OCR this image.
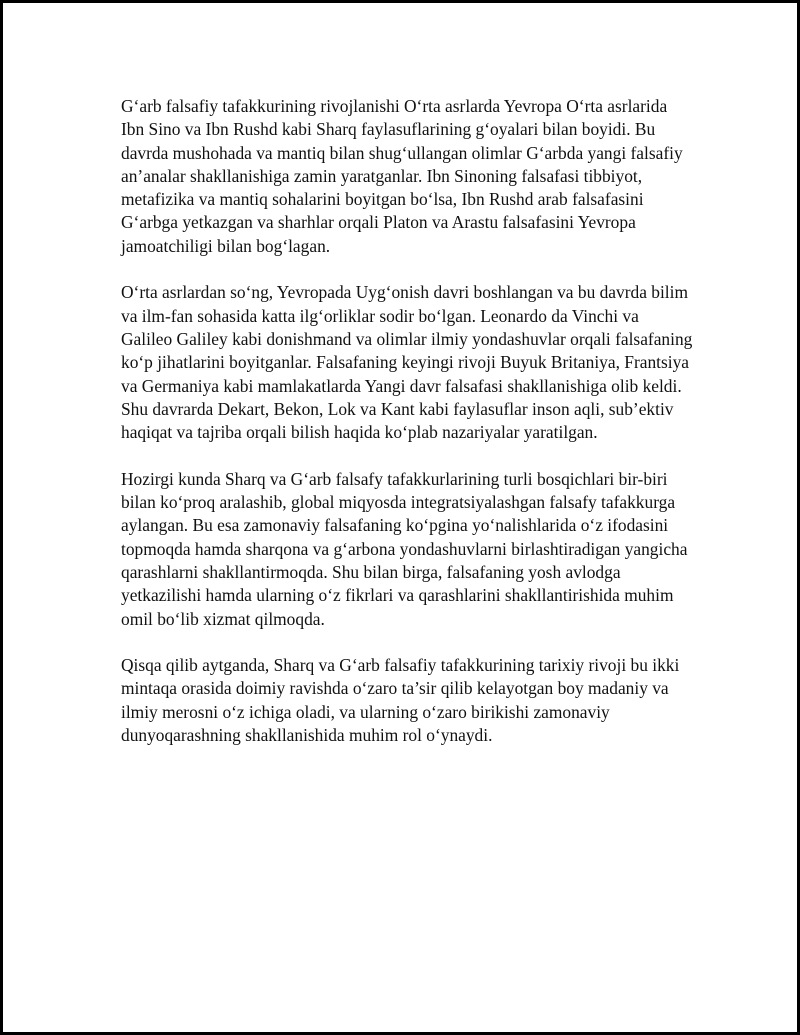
G‘arb falsafiy tafakkurining rivojlanishi O‘rta asrlarda Yevropa O‘rta asrlarida Ibn Sino va Ibn Rushd kabi Sharq faylasuflarining g‘oyalari bilan boyidi. Bu davrda mushohada va mantiq bilan shug‘ullangan olimlar G‘arbda yangi falsafiy an’analar shakllanishiga zamin yaratganlar. Ibn Sinoning falsafasi tibbiyot, metafizika va mantiq sohalarini boyitgan bo‘lsa, Ibn Rushd arab falsafasini G‘arbga yetkazgan va sharhlar orqali Platon va Arastu falsafasini Yevropa jamoatchiligi bilan bog‘lagan.

O‘rta asrlardan so‘ng, Yevropada Uyg‘onish davri boshlangan va bu davrda bilim va ilm-fan sohasida katta ilg‘orliklar sodir bo‘lgan. Leonardo da Vinchi va Galileo Galiley kabi donishmand va olimlar ilmiy yondashuvlar orqali falsafaning ko‘p jihatlarini boyitganlar. Falsafaning keyingi rivoji Buyuk Britaniya, Frantsiya va Germaniya kabi mamlakatlarda Yangi davr falsafasi shakllanishiga olib keldi. Shu davrarda Dekart, Bekon, Lok va Kant kabi faylasuflar inson aqli, sub’ektiv haqiqat va tajriba orqali bilish haqida ko‘plab nazariyalar yaratilgan.

Hozirgi kunda Sharq va G‘arb falsafy tafakkurlarining turli bosqichlari bir-biri bilan ko‘proq aralashib, global miqyosda integratsiyalashgan falsafy tafakkurga aylangan. Bu esa zamonaviy falsafaning ko‘pgina yo‘nalishlarida o‘z ifodasini topmoqda hamda sharqona va g‘arbona yondashuvlarni birlashtiradigan yangicha qarashlarni shakllantirmoqda. Shu bilan birga, falsafaning yosh avlodga yetkazilishi hamda ularning o‘z fikrlari va qarashlarini shakllantirishida muhim omil bo‘lib xizmat qilmoqda.

Qisqa qilib aytganda, Sharq va G‘arb falsafiy tafakkurining tarixiy rivoji bu ikki mintaqa orasida doimiy ravishda o‘zaro ta’sir qilib kelayotgan boy madaniy va ilmiy merosni o‘z ichiga oladi, va ularning o‘zaro birikishi zamonaviy dunyoqarashning shakllanishida muhim rol o‘ynaydi.
